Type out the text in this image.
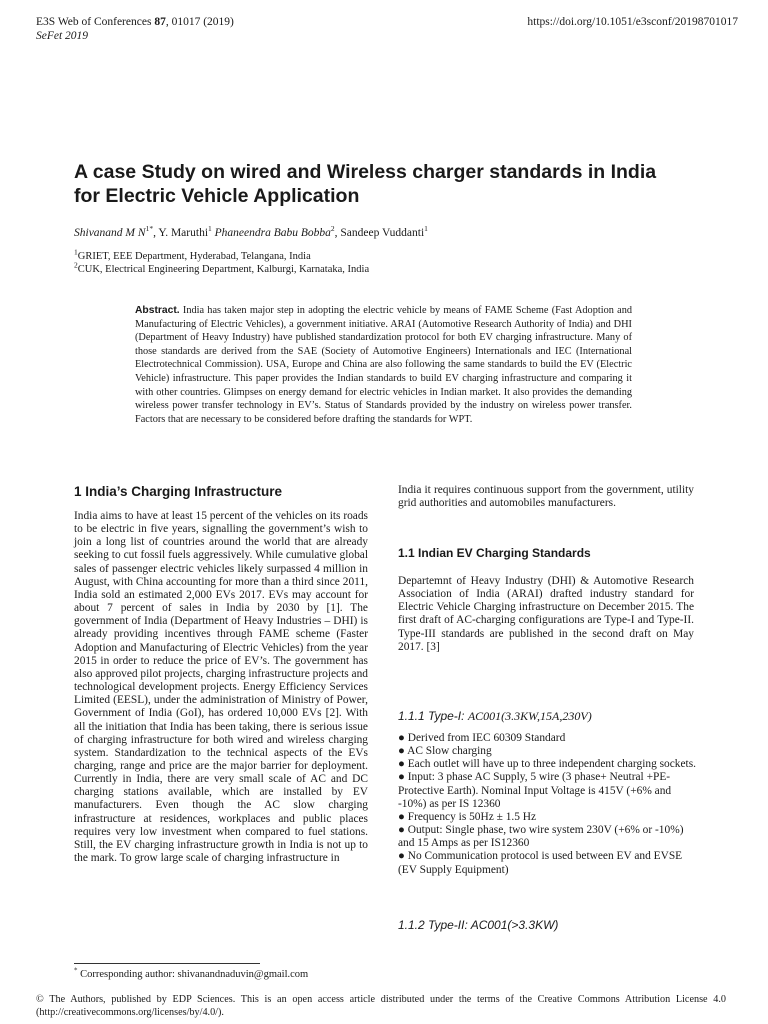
E3S Web of Conferences 87, 01017 (2019)
SeFet 2019
https://doi.org/10.1051/e3sconf/20198701017
A case Study on wired and Wireless charger standards in India
for Electric Vehicle Application
Shivanand M $N^{1*}$, Y. Maruthi$^1$ Phaneendra Babu Bobba$^2$, Sandeep Vuddanti$^1$
$^1$GRIET, EEE Department, Hyderabad, Telangana, India
$^2$CUK, Electrical Engineering Department, Kalburgi, Karnataka, India
Abstract. India has taken major step in adopting the electric vehicle by means of FAME Scheme (Fast Adoption and Manufacturing of Electric Vehicles), a government initiative. ARAI (Automotive Research Authority of India) and DHI (Department of Heavy Industry) have published standardization protocol for both EV charging infrastructure. Many of those standards are derived from the SAE (Society of Automotive Engineers) Internationals and IEC (International Electrotechnical Commission). USA, Europe and China are also following the same standards to build the EV (Electric Vehicle) infrastructure. This paper provides the Indian standards to build EV charging infrastructure and comparing it with other countries. Glimpses on energy demand for electric vehicles in Indian market. It also provides the demanding wireless power transfer technology in EV’s. Status of Standards provided by the industry on wireless power transfer. Factors that are necessary to be considered before drafting the standards for WPT.
1 India’s Charging Infrastructure
India aims to have at least 15 percent of the vehicles on its roads to be electric in five years, signalling the government’s wish to join a long list of countries around the world that are already seeking to cut fossil fuels aggressively. While cumulative global sales of passenger electric vehicles likely surpassed 4 million in August, with China accounting for more than a third since 2011, India sold an estimated 2,000 EVs 2017. EVs may account for about 7 percent of sales in India by 2030 by [1]. The government of India (Department of Heavy Industries – DHI) is already providing incentives through FAME scheme (Faster Adoption and Manufacturing of Electric Vehicles) from the year 2015 in order to reduce the price of EV’s. The government has also approved pilot projects, charging infrastructure projects and technological development projects. Energy Efficiency Services Limited (EESL), under the administration of Ministry of Power, Government of India (GoI), has ordered 10,000 EVs [2]. With all the initiation that India has been taking, there is serious issue of charging infrastructure for both wired and wireless charging system. Standardization to the technical aspects of the EVs charging, range and price are the major barrier for deployment. Currently in India, there are very small scale of AC and DC charging stations available, which are installed by EV manufacturers. Even though the AC slow charging infrastructure at residences, workplaces and public places requires very low investment when compared to fuel stations. Still, the EV charging infrastructure growth in India is not up to the mark. To grow large scale of charging infrastructure in
India it requires continuous support from the government, utility grid authorities and automobiles manufacturers.
1.1 Indian EV Charging Standards
Departemnt of Heavy Industry (DHI) & Automotive Research Association of India (ARAI) drafted industry standard for Electric Vehicle Charging infrastructure on December 2015. The first draft of AC-charging configurations are Type-I and Type-II. Type-III standards are published in the second draft on May 2017. [3]
1.1.1 Type-I: AC001(3.3KW,15A,230V)
● Derived from IEC 60309 Standard
● AC Slow charging
● Each outlet will have up to three independent charging sockets.
● Input: 3 phase AC Supply, 5 wire (3 phase+ Neutral +PE- Protective Earth). Nominal Input Voltage is 415V (+6% and -10%) as per IS 12360
● Frequency is 50Hz ± 1.5 Hz
● Output: Single phase, two wire system 230V (+6% or -10%) and 15 Amps as per IS12360
● No Communication protocol is used between EV and EVSE (EV Supply Equipment)
1.1.2 Type-II: AC001(>3.3KW)
* Corresponding author: shivanandnaduvin@gmail.com
© The Authors, published by EDP Sciences. This is an open access article distributed under the terms of the Creative Commons Attribution License 4.0 (http://creativecommons.org/licenses/by/4.0/).
